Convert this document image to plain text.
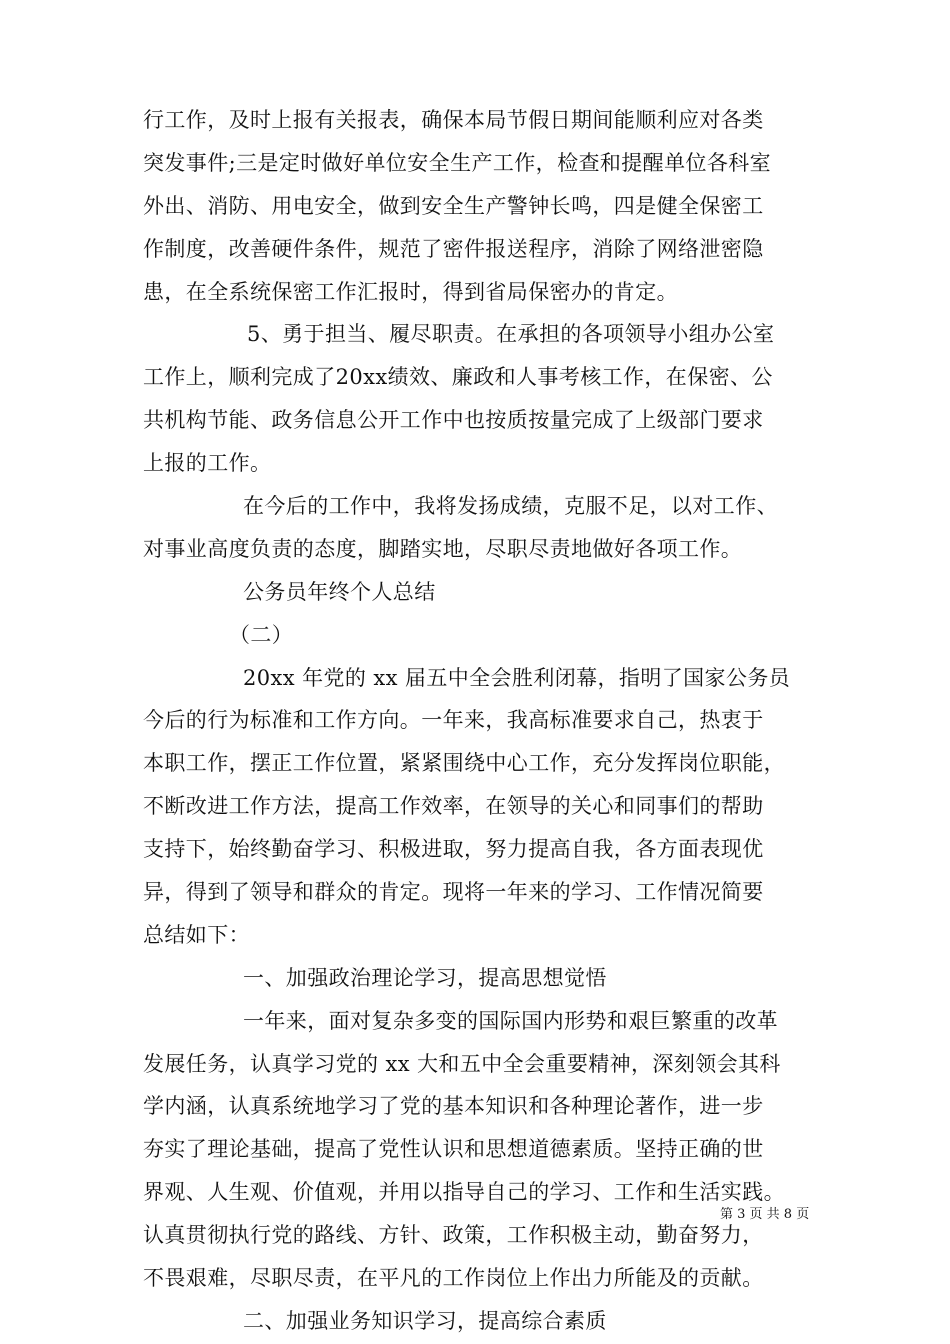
行工作，及时上报有关报表，确保本局节假日期间能顺利应对各类
突发事件;三是定时做好单位安全生产工作，检查和提醒单位各科室
外出、消防、用电安全，做到安全生产警钟长鸣，四是健全保密工
作制度，改善硬件条件，规范了密件报送程序，消除了网络泄密隐
患，在全系统保密工作汇报时，得到省局保密办的肯定。
5、勇于担当、履尽职责。在承担的各项领导小组办公室
工作上，顺利完成了20xx绩效、廉政和人事考核工作，在保密、公
共机构节能、政务信息公开工作中也按质按量完成了上级部门要求
上报的工作。
在今后的工作中，我将发扬成绩，克服不足，以对工作、
对事业高度负责的态度，脚踏实地，尽职尽责地做好各项工作。
公务员年终个人总结
（二）
20xx 年党的 xx 届五中全会胜利闭幕，指明了国家公务员
今后的行为标准和工作方向。一年来，我高标准要求自己，热衷于
本职工作，摆正工作位置，紧紧围绕中心工作，充分发挥岗位职能，
不断改进工作方法，提高工作效率，在领导的关心和同事们的帮助
支持下，始终勤奋学习、积极进取，努力提高自我，各方面表现优
异，得到了领导和群众的肯定。现将一年来的学习、工作情况简要
总结如下：
一、加强政治理论学习，提高思想觉悟
一年来，面对复杂多变的国际国内形势和艰巨繁重的改革
发展任务，认真学习党的 xx 大和五中全会重要精神，深刻领会其科
学内涵，认真系统地学习了党的基本知识和各种理论著作，进一步
夯实了理论基础，提高了党性认识和思想道德素质。坚持正确的世
界观、人生观、价值观，并用以指导自己的学习、工作和生活实践。
认真贯彻执行党的路线、方针、政策，工作积极主动，勤奋努力，
不畏艰难，尽职尽责，在平凡的工作岗位上作出力所能及的贡献。
二、加强业务知识学习，提高综合素质
第 3 页 共 8 页
